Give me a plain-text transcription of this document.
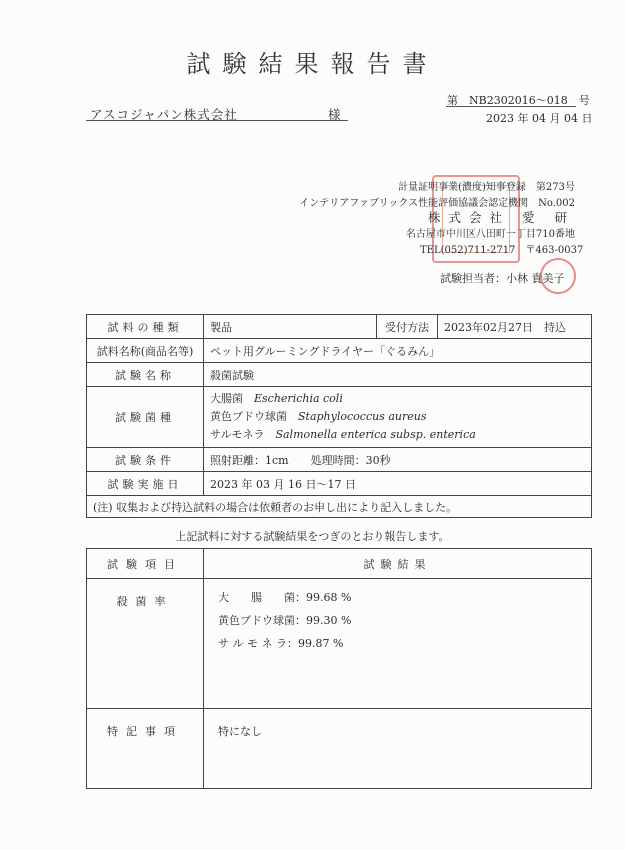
試験結果報告書
アスコジャパン株式会社	様
第　NB2302016～018　号
2023 年 04 月 04 日
計量証明事業(濃度)知事登録　第273号
インテリアファブリックス性能評価協議会認定機関　No.002
株式会社 愛 研
名古屋市中川区八田町一丁目710番地
TEL(052)711-2717　〒463-0037
試験担当者：小林 貴美子
試料の種類	製品	受付方法	2023年02月27日　持込
試料名称(商品名等)	ペット用グルーミングドライヤー「ぐるみん」		
試験名称	殺菌試験		
試験菌種	大腸菌　 Escherichia coli
黄色ブドウ球菌　 Staphylococcus aureus
サルモネラ　 Salmonella enterica subsp. enterica		

試験条件	照射距離：1cm　　処理時間：30秒		
試験実施日	2023 年 03 月 16 日～17 日		
(注) 収集および持込試料の場合は依頼者のお申し出により記入しました。			
上記試料に対する試験結果をつぎのとおり報告します。
試験項目	試験結果
殺菌率	大　　腸　　菌：99.68 %
黄色ブドウ球菌：99.30 %
サ ル モ ネ ラ：99.87 %

特記事項	特になし
